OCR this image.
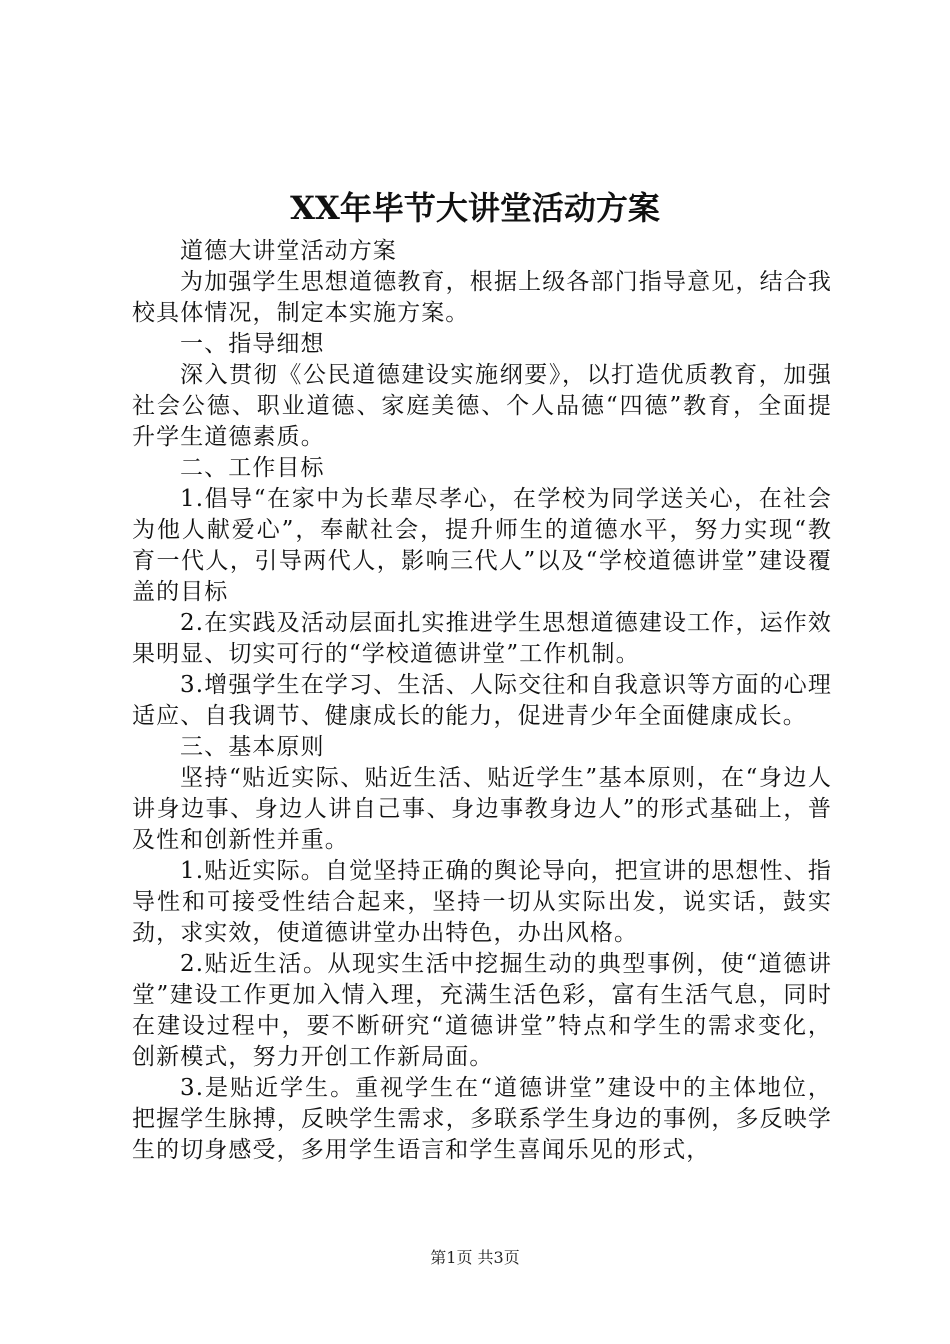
XX年毕节大讲堂活动方案

道德大讲堂活动方案

为加强学生思想道德教育，根据上级各部门指导意见，结合我校具体情况，制定本实施方案。

一、指导细想

深入贯彻《公民道德建设实施纲要》，以打造优质教育，加强社会公德、职业道德、家庭美德、个人品德“四德”教育，全面提升学生道德素质。

二、工作目标

1.倡导“在家中为长辈尽孝心，在学校为同学送关心，在社会为他人献爱心”，奉献社会，提升师生的道德水平，努力实现“教育一代人，引导两代人，影响三代人”以及“学校道德讲堂”建设覆盖的目标

2.在实践及活动层面扎实推进学生思想道德建设工作，运作效果明显、切实可行的“学校道德讲堂”工作机制。

3.增强学生在学习、生活、人际交往和自我意识等方面的心理适应、自我调节、健康成长的能力，促进青少年全面健康成长。

三、基本原则

坚持“贴近实际、贴近生活、贴近学生”基本原则，在“身边人讲身边事、身边人讲自己事、身边事教身边人”的形式基础上，普及性和创新性并重。

1.贴近实际。自觉坚持正确的舆论导向，把宣讲的思想性、指导性和可接受性结合起来，坚持一切从实际出发，说实话，鼓实劲，求实效，使道德讲堂办出特色，办出风格。

2.贴近生活。从现实生活中挖掘生动的典型事例，使“道德讲堂”建设工作更加入情入理，充满生活色彩，富有生活气息，同时在建设过程中，要不断研究“道德讲堂”特点和学生的需求变化，创新模式，努力开创工作新局面。

3.是贴近学生。重视学生在“道德讲堂”建设中的主体地位，把握学生脉搏，反映学生需求，多联系学生身边的事例，多反映学生的切身感受，多用学生语言和学生喜闻乐见的形式，

第1页 共3页
